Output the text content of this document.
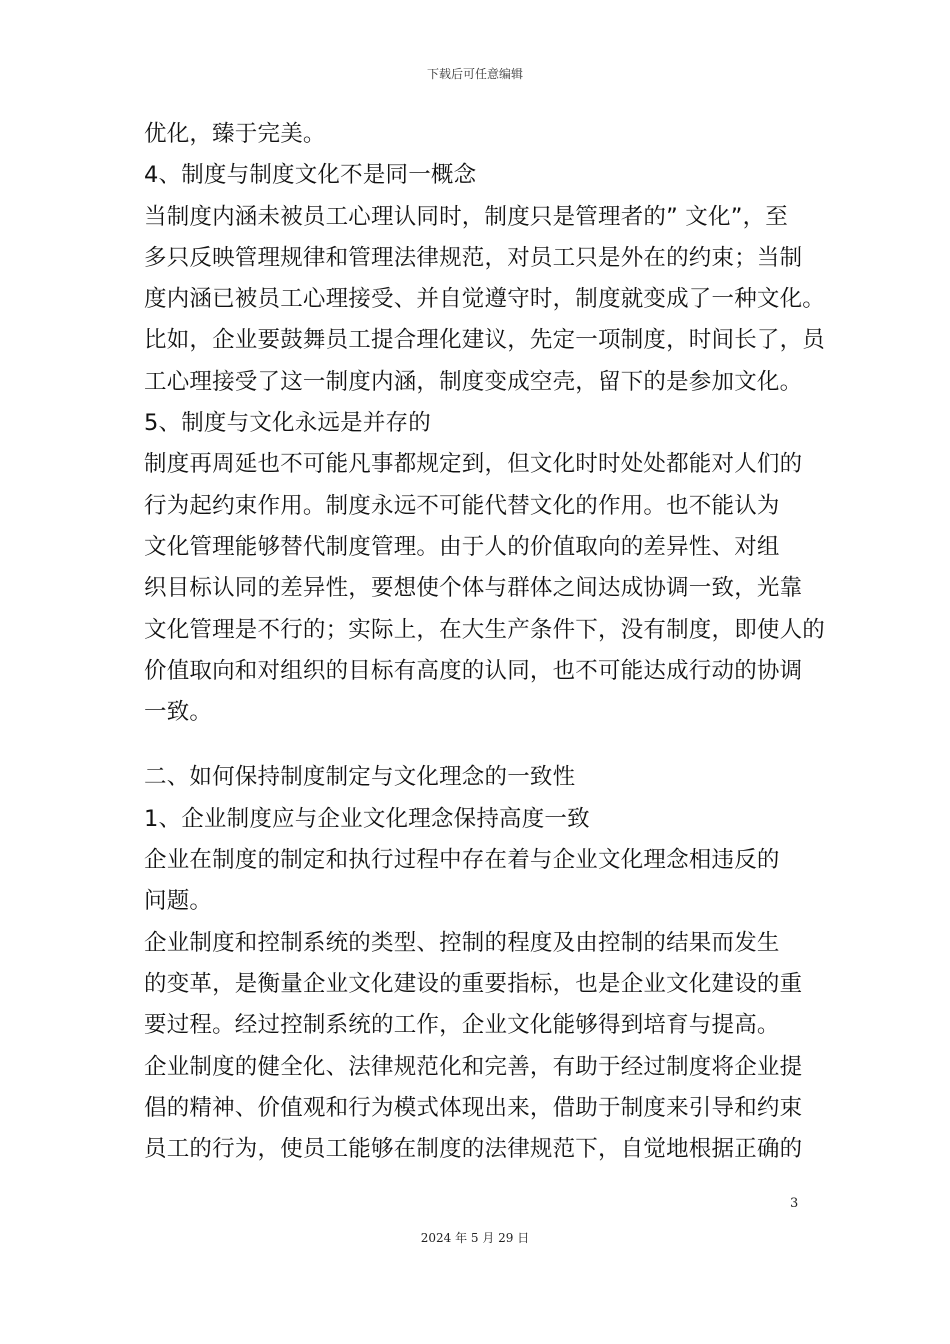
下载后可任意编辑
优化，臻于完美。
4、制度与制度文化不是同一概念
当制度内涵未被员工心理认同时，制度只是管理者的” 文化”，至
多只反映管理规律和管理法律规范，对员工只是外在的约束；当制
度内涵已被员工心理接受、并自觉遵守时，制度就变成了一种文化。
比如，企业要鼓舞员工提合理化建议，先定一项制度，时间长了，员
工心理接受了这一制度内涵，制度变成空壳，留下的是参加文化。
5、制度与文化永远是并存的
制度再周延也不可能凡事都规定到，但文化时时处处都能对人们的
行为起约束作用。制度永远不可能代替文化的作用。也不能认为
文化管理能够替代制度管理。由于人的价值取向的差异性、对组
织目标认同的差异性，要想使个体与群体之间达成协调一致，光靠
文化管理是不行的；实际上，在大生产条件下，没有制度，即使人的
价值取向和对组织的目标有高度的认同，也不可能达成行动的协调
一致。
二、如何保持制度制定与文化理念的一致性
1、企业制度应与企业文化理念保持高度一致
企业在制度的制定和执行过程中存在着与企业文化理念相违反的
问题。
企业制度和控制系统的类型、控制的程度及由控制的结果而发生
的变革，是衡量企业文化建设的重要指标，也是企业文化建设的重
要过程。经过控制系统的工作，企业文化能够得到培育与提高。
企业制度的健全化、法律规范化和完善，有助于经过制度将企业提
倡的精神、价值观和行为模式体现出来，借助于制度来引导和约束
员工的行为，使员工能够在制度的法律规范下，自觉地根据正确的
3
2024 年 5 月 29 日
